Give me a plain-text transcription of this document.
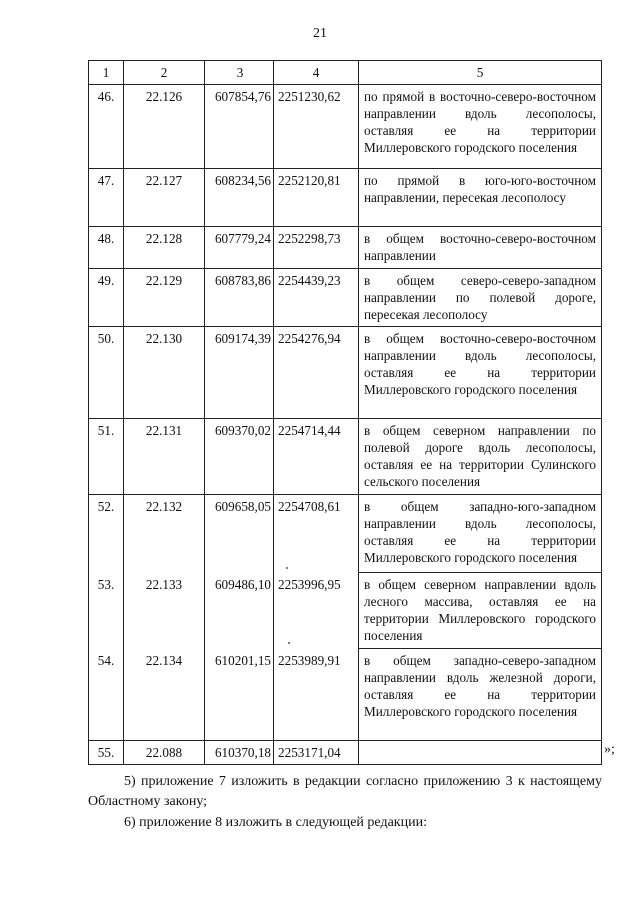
21
1	2	3	4	5
46.	22.126	607854,76	2251230,62	по прямой в восточно-северо-восточном направлении вдоль лесополосы, оставляя ее на территории Миллеровского городского поселения
47.	22.127	608234,56	2252120,81	по прямой в юго-юго-восточном направлении, пересекая лесополосу
48.	22.128	607779,24	2252298,73	в общем восточно-северо-восточном направлении
49.	22.129	608783,86	2254439,23	в общем северо-северо-западном направлении по полевой дороге, пересекая лесополосу
50.	22.130	609174,39	2254276,94	в общем восточно-северо-восточном направлении вдоль лесополосы, оставляя ее на территории Миллеровского городского поселения
51.	22.131	609370,02	2254714,44	в общем северном направлении по полевой дороге вдоль лесополосы, оставляя ее на территории Сулинского сельского поселения
52.	22.132	609658,05	2254708,61	в общем западно-юго-западном направлении вдоль лесополосы, оставляя ее на территории Миллеровского городского поселения
53.	22.133	609486,10	2253996,95	в общем северном направлении вдоль лесного массива, оставляя ее на территории Миллеровского городского поселения
54.	22.134	610201,15	2253989,91	в общем западно-северо-западном направлении вдоль железной дороги, оставляя ее на территории Миллеровского городского поселения
55.	22.088	610370,18	2253171,04		»;
5) приложение 7 изложить в редакции согласно приложению 3 к настоящему Областному закону;
6) приложение 8 изложить в следующей редакции:
